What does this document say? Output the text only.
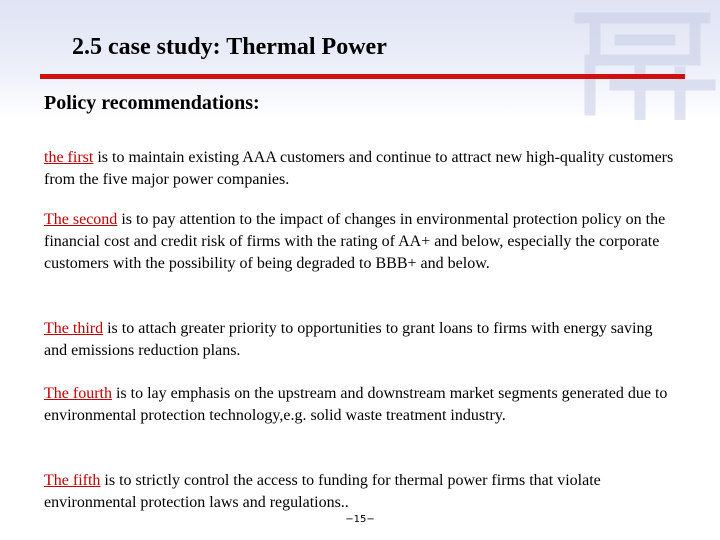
2.5 case study: Thermal Power
Policy recommendations:
the first is to maintain existing AAA customers and continue to attract new high-quality customers from the five major power companies.
The second is to pay attention to the impact of changes in environmental protection policy on the financial cost and credit risk of firms with the rating of AA+ and below, especially the corporate customers with the possibility of being degraded to BBB+ and below.
The third is to attach greater priority to opportunities to grant loans to firms with energy saving and emissions reduction plans.
The fourth is to lay emphasis on the upstream and downstream market segments generated due to environmental protection technology,e.g. solid waste treatment industry.
The fifth is to strictly control the access to funding for thermal power firms that violate environmental protection laws and regulations..
−15−
